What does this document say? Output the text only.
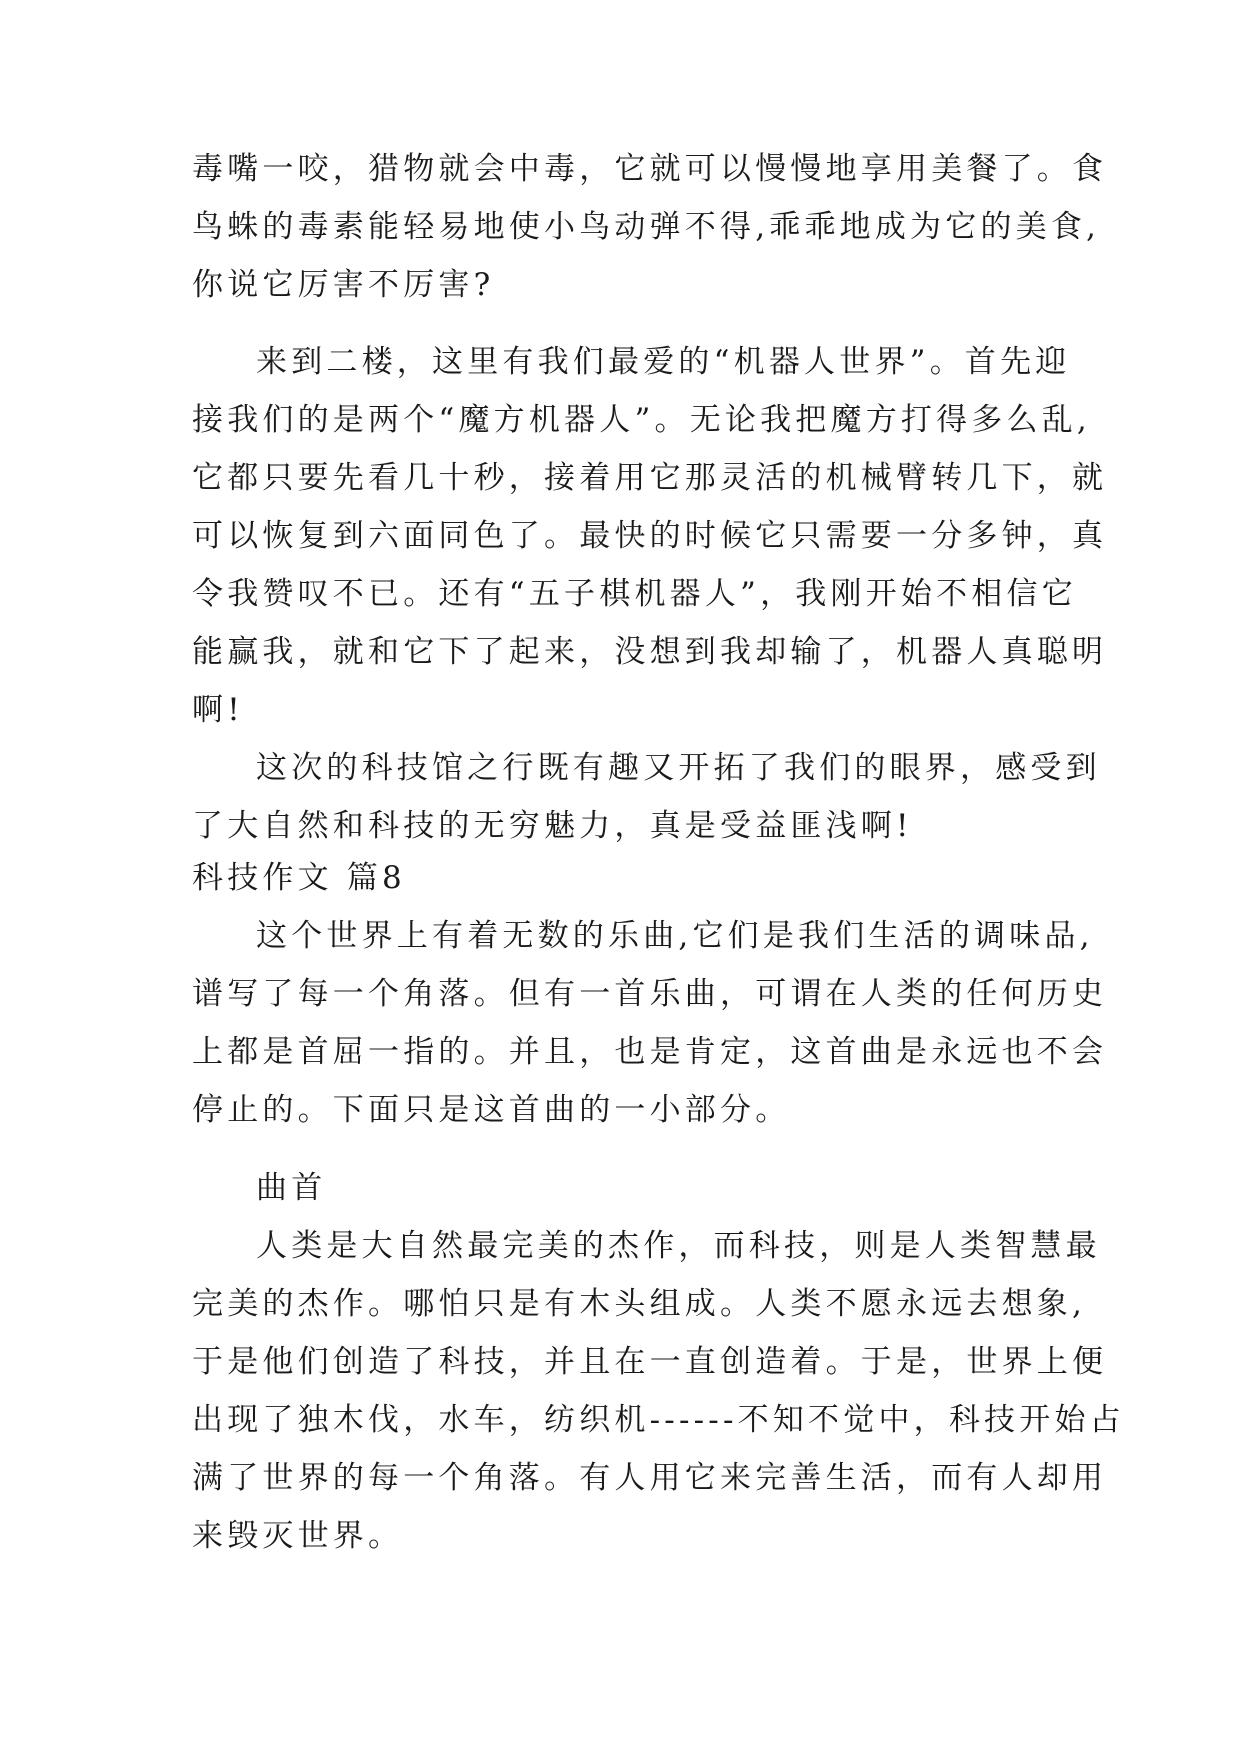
毒嘴一咬，猎物就会中毒，它就可以慢慢地享用美餐了。食
鸟蛛的毒素能轻易地使小鸟动弹不得,乖乖地成为它的美食,
你说它厉害不厉害?
来到二楼，这里有我们最爱的“机器人世界”。首先迎
接我们的是两个“魔方机器人”。无论我把魔方打得多么乱,
它都只要先看几十秒，接着用它那灵活的机械臂转几下，就
可以恢复到六面同色了。最快的时候它只需要一分多钟，真
令我赞叹不已。还有“五子棋机器人”，我刚开始不相信它
能赢我，就和它下了起来，没想到我却输了，机器人真聪明
啊!
这次的科技馆之行既有趣又开拓了我们的眼界，感受到
了大自然和科技的无穷魅力，真是受益匪浅啊!
科技作文 篇8
这个世界上有着无数的乐曲,它们是我们生活的调味品,
谱写了每一个角落。但有一首乐曲，可谓在人类的任何历史
上都是首屈一指的。并且，也是肯定，这首曲是永远也不会
停止的。下面只是这首曲的一小部分。
曲首
人类是大自然最完美的杰作，而科技，则是人类智慧最
完美的杰作。哪怕只是有木头组成。人类不愿永远去想象,
于是他们创造了科技，并且在一直创造着。于是，世界上便
出现了独木伐，水车，纺织机------不知不觉中，科技开始占
满了世界的每一个角落。有人用它来完善生活，而有人却用
来毁灭世界。
